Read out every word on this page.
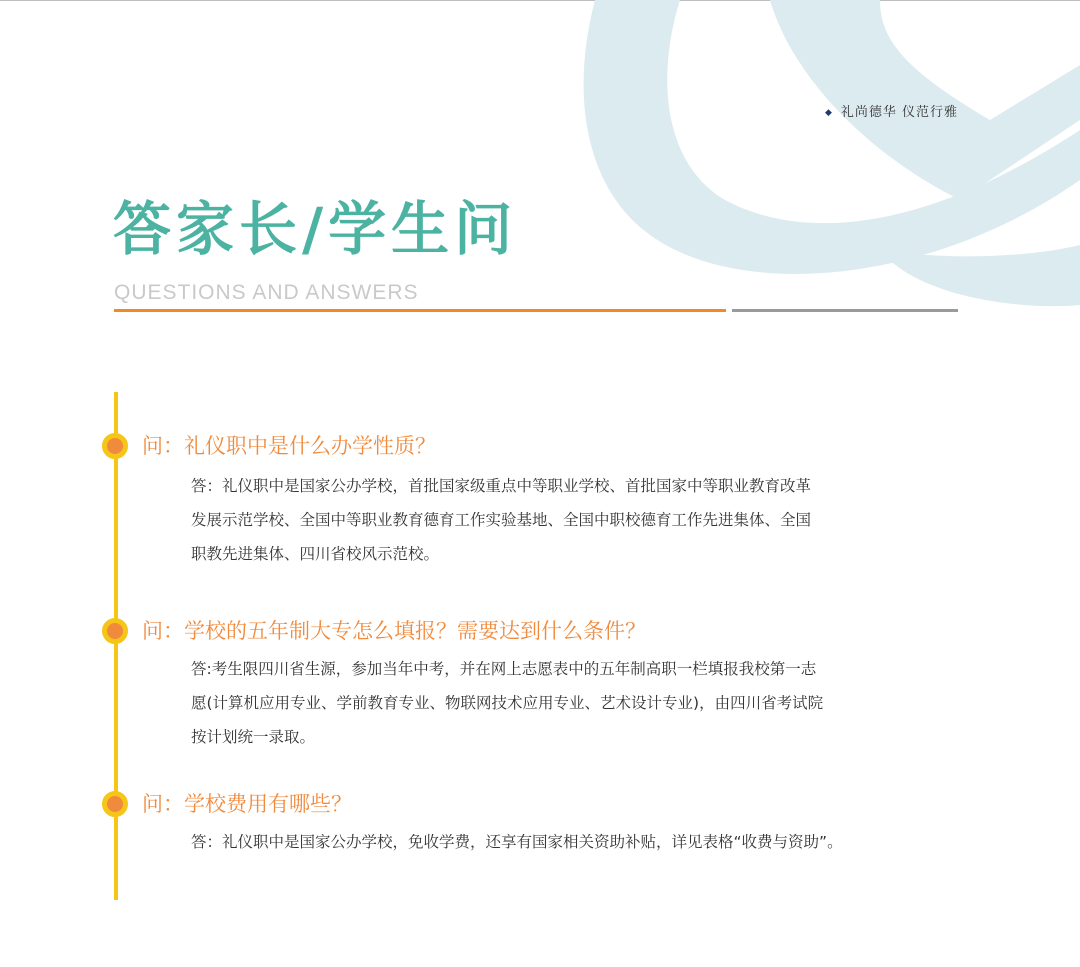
◆ 礼尚德华 仪范行雅
答家长/学生问
QUESTIONS AND ANSWERS
问：礼仪职中是什么办学性质？
答：礼仪职中是国家公办学校，首批国家级重点中等职业学校、首批国家中等职业教育改革
发展示范学校、全国中等职业教育德育工作实验基地、全国中职校德育工作先进集体、全国
职教先进集体、四川省校风示范校。
问：学校的五年制大专怎么填报？需要达到什么条件？
答:考生限四川省生源，参加当年中考，并在网上志愿表中的五年制高职一栏填报我校第一志
愿(计算机应用专业、学前教育专业、物联网技术应用专业、艺术设计专业)，由四川省考试院
按计划统一录取。
问：学校费用有哪些？
答：礼仪职中是国家公办学校，免收学费，还享有国家相关资助补贴，详见表格“收费与资助”。
